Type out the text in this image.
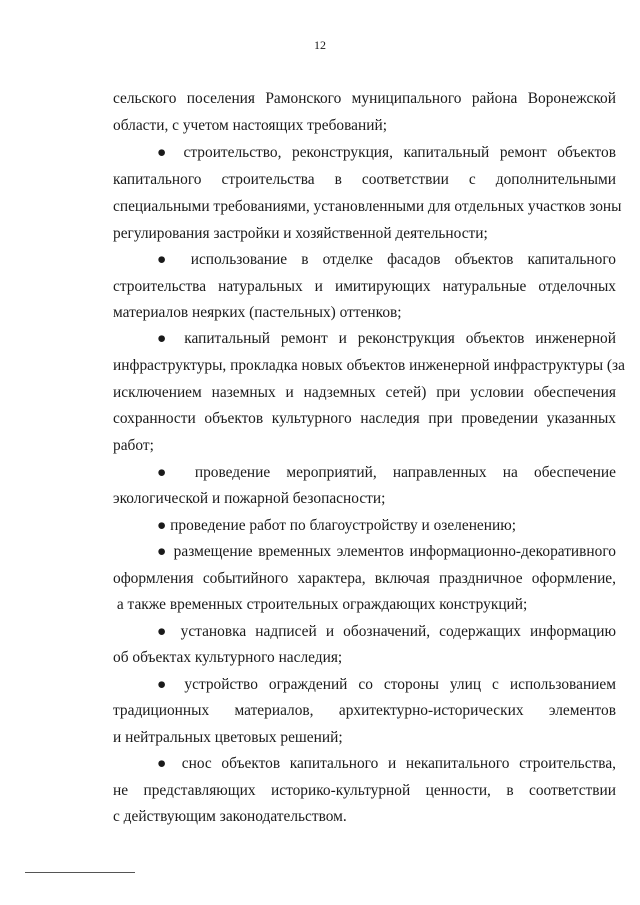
12
сельского поселения Рамонского муниципального района Воронежской
области, с учетом настоящих требований;
● строительство, реконструкция, капитальный ремонт объектов
капитального строительства в соответствии с дополнительными
специальными требованиями, установленными для отдельных участков зоны
регулирования застройки и хозяйственной деятельности;
● использование в отделке фасадов объектов капитального
строительства натуральных и имитирующих натуральные отделочных
материалов неярких (пастельных) оттенков;
● капитальный ремонт и реконструкция объектов инженерной
инфраструктуры, прокладка новых объектов инженерной инфраструктуры (за
исключением наземных и надземных сетей) при условии обеспечения
сохранности объектов культурного наследия при проведении указанных
работ;
● проведение мероприятий, направленных на обеспечение
экологической и пожарной безопасности;
● проведение работ по благоустройству и озеленению;
● размещение временных элементов информационно-декоративного
оформления событийного характера, включая праздничное оформление,
а также временных строительных ограждающих конструкций;
● установка надписей и обозначений, содержащих информацию
об объектах культурного наследия;
● устройство ограждений со стороны улиц с использованием
традиционных материалов, архитектурно-исторических элементов
и нейтральных цветовых решений;
● снос объектов капитального и некапитального строительства,
не представляющих историко-культурной ценности, в соответствии
с действующим законодательством.
